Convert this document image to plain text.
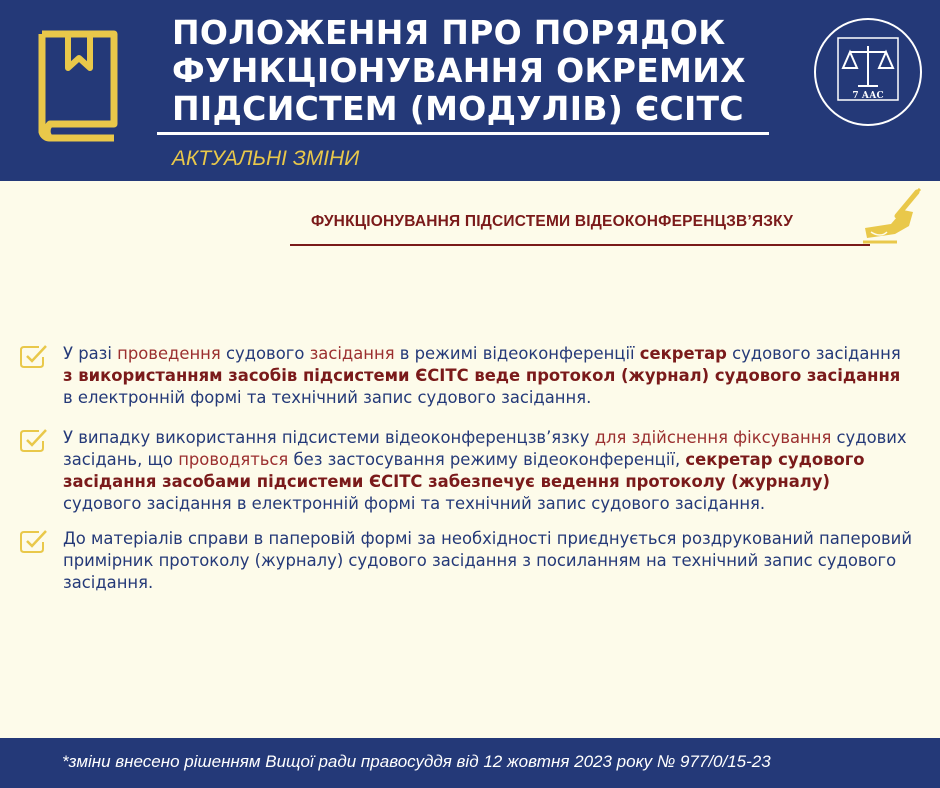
ПОЛОЖЕННЯ ПРО ПОРЯДОК
ФУНКЦІОНУВАННЯ ОКРЕМИХ
ПІДСИСТЕМ (МОДУЛІВ) ЄСІТС
АКТУАЛЬНІ ЗМІНИ
7 ААС
ФУНКЦІОНУВАННЯ ПІДСИСТЕМИ ВІДЕОКОНФЕРЕНЦЗВ’ЯЗКУ
У разі проведення судового засідання в режимі відеоконференції секретар судового засідання з використанням засобів підсистеми ЄСІТС веде протокол (журнал) судового засідання в електронній формі та технічний запис судового засідання.
У випадку використання підсистеми відеоконференцзв’язку для здійснення фіксування судових засідань, що проводяться без застосування режиму відеоконференції, секретар судового засідання засобами підсистеми ЄСІТС забезпечує ведення протоколу (журналу) судового засідання в електронній формі та технічний запис судового засідання.
До матеріалів справи в паперовій формі за необхідності приєднується роздрукований паперовий примірник протоколу (журналу) судового засідання з посиланням на технічний запис судового засідання.
*зміни внесено рішенням Вищої ради правосуддя від 12 жовтня 2023 року № 977/0/15-23
